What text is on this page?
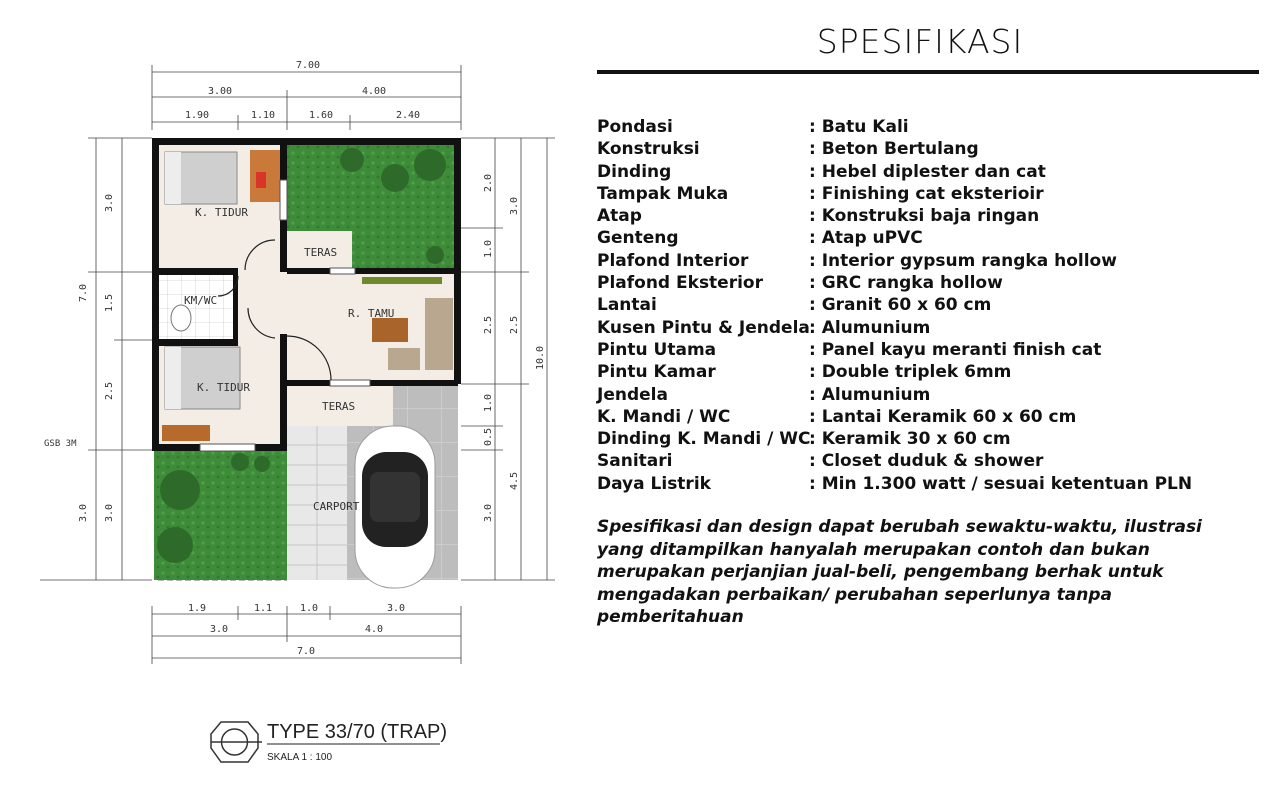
K. TIDUR
TERAS
KM/WC
R. TAMU
K. TIDUR
TERAS
CARPORT
GSB 3M
7.00
3.00	4.00
1.90	1.10	1.60	2.40
1.9	1.1	1.0	3.0
3.0	4.0
7.0
3.0
1.5
2.5
3.0
7.0
3.0
2.0
1.0
2.5
1.0
0.5
4.5
3.0
2.5
3.0
10.0
TYPE 33/70 (TRAP)
SKALA 1 : 100
SPESIFIKASI
Pondasi	: Batu Kali
Konstruksi	: Beton Bertulang
Dinding	: Hebel diplester dan cat
Tampak Muka	: Finishing cat eksterioir
Atap	: Konstruksi baja ringan
Genteng	: Atap uPVC
Plafond Interior	: Interior gypsum rangka hollow
Plafond Eksterior	: GRC rangka hollow
Lantai	: Granit 60 x 60 cm
Kusen Pintu & Jendela : Alumunium
Pintu Utama	: Panel kayu meranti finish cat
Pintu Kamar	: Double triplek 6mm
Jendela	: Alumunium
K. Mandi / WC	: Lantai Keramik 60 x 60 cm
Dinding K. Mandi / WC
: Keramik 30 x 60 cm
Sanitari	: Closet duduk & shower
Daya Listrik	: Min 1.300 watt / sesuai ketentuan PLN
Spesifikasi dan design dapat berubah sewaktu-waktu, ilustrasi yang ditampilkan hanyalah merupakan contoh dan bukan merupakan perjanjian jual-beli, pengembang berhak untuk mengadakan perbaikan/ perubahan seperlunya tanpa pemberitahuan
